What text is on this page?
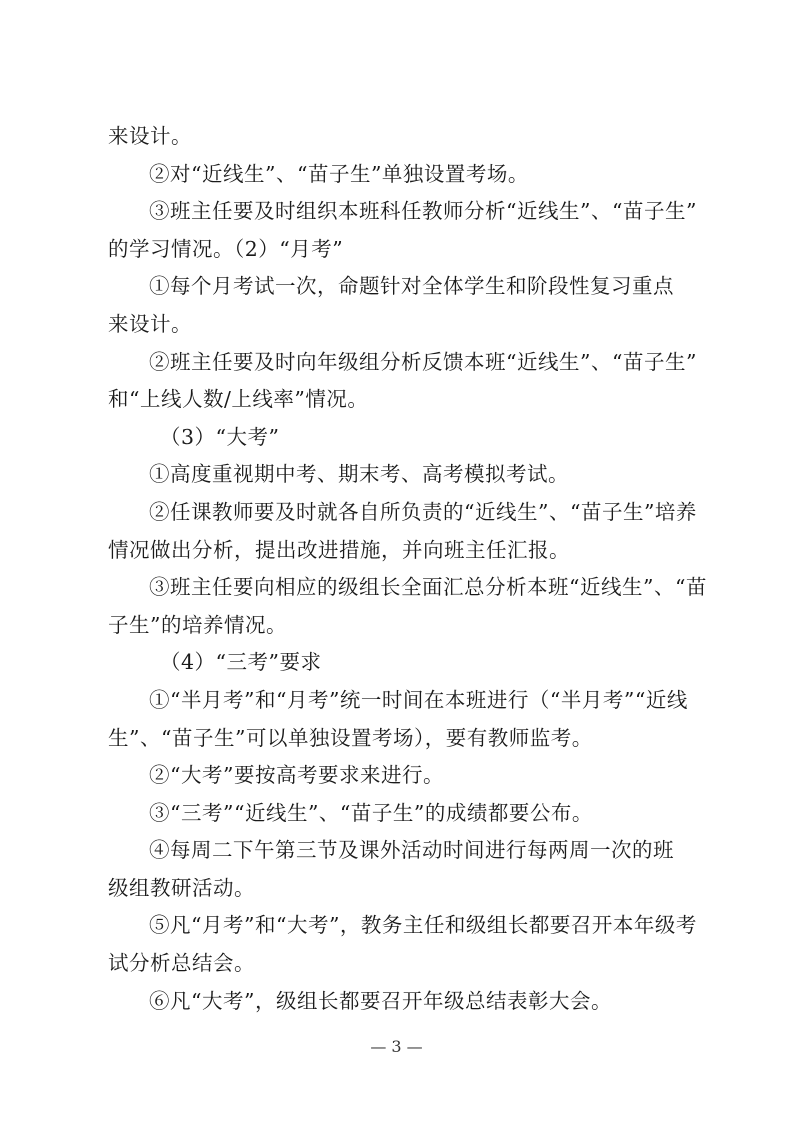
来设计。
②对“近线生”、“苗子生”单独设置考场。
③班主任要及时组织本班科任教师分析“近线生”、“苗子生”
的学习情况。（2）“月考”
①每个月考试一次，命题针对全体学生和阶段性复习重点
来设计。
②班主任要及时向年级组分析反馈本班“近线生”、“苗子生”
和“上线人数/上线率”情况。
（3）“大考”
①高度重视期中考、期末考、高考模拟考试。
②任课教师要及时就各自所负责的“近线生”、“苗子生”培养
情况做出分析，提出改进措施，并向班主任汇报。
③班主任要向相应的级组长全面汇总分析本班“近线生”、“苗
子生”的培养情况。
（4）“三考”要求
①“半月考”和“月考”统一时间在本班进行（“半月考”“近线
生”、“苗子生”可以单独设置考场），要有教师监考。
②“大考”要按高考要求来进行。
③“三考”“近线生”、“苗子生”的成绩都要公布。
④每周二下午第三节及课外活动时间进行每两周一次的班
级组教研活动。
⑤凡“月考”和“大考”，教务主任和级组长都要召开本年级考
试分析总结会。
⑥凡“大考”，级组长都要召开年级总结表彰大会。
— 3 —
